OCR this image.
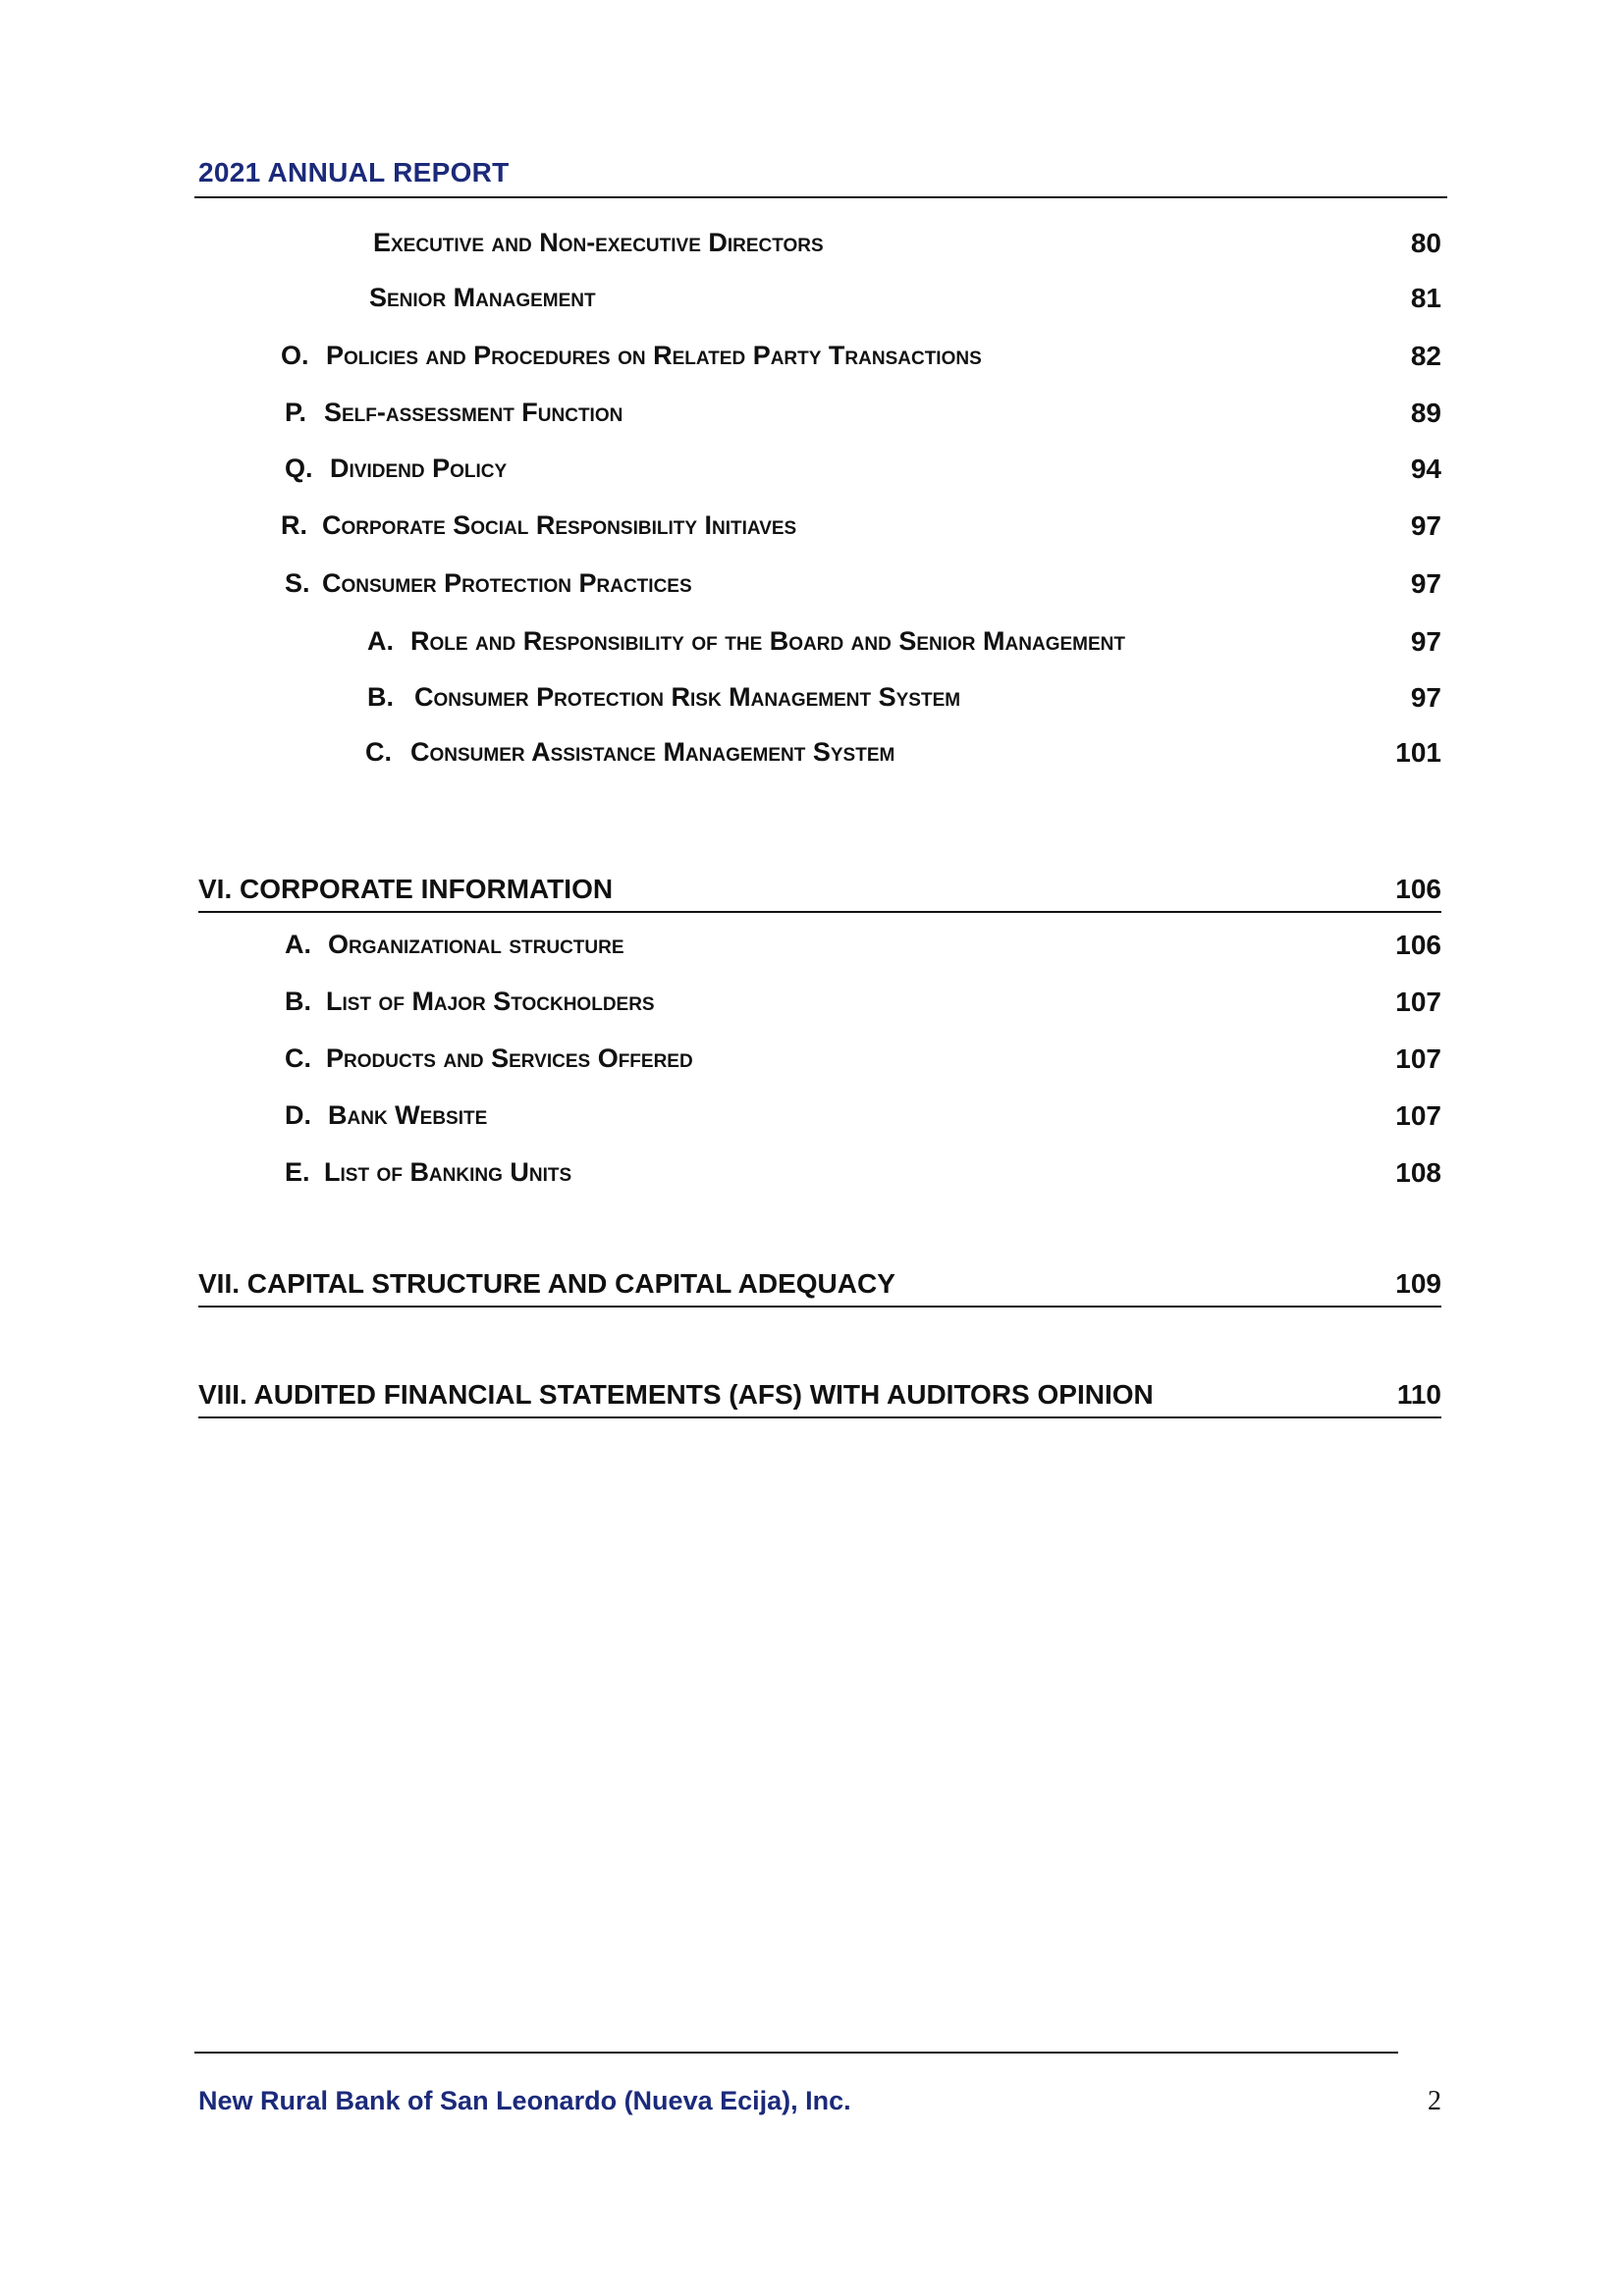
2021 ANNUAL REPORT
Executive and Non-executive Directors	80
Senior Management	81
O. Policies and Procedures on Related Party Transactions	82
P. Self-assessment Function	89
Q. Dividend Policy	94
R. Corporate Social Responsibility Initiaves	97
S. Consumer Protection Practices	97
A. Role and Responsibility of the Board and Senior Management	97
B. Consumer Protection Risk Management System	97
C. Consumer Assistance Management System	101
VI. CORPORATE INFORMATION	106
A. Organizational structure	106
B. List of Major Stockholders	107
C. Products and Services Offered	107
D. Bank Website	107
E. List of Banking Units	108
VII. CAPITAL STRUCTURE AND CAPITAL ADEQUACY	109
VIII. AUDITED FINANCIAL STATEMENTS (AFS) WITH AUDITORS OPINION	110
New Rural Bank of San Leonardo (Nueva Ecija), Inc.	2
